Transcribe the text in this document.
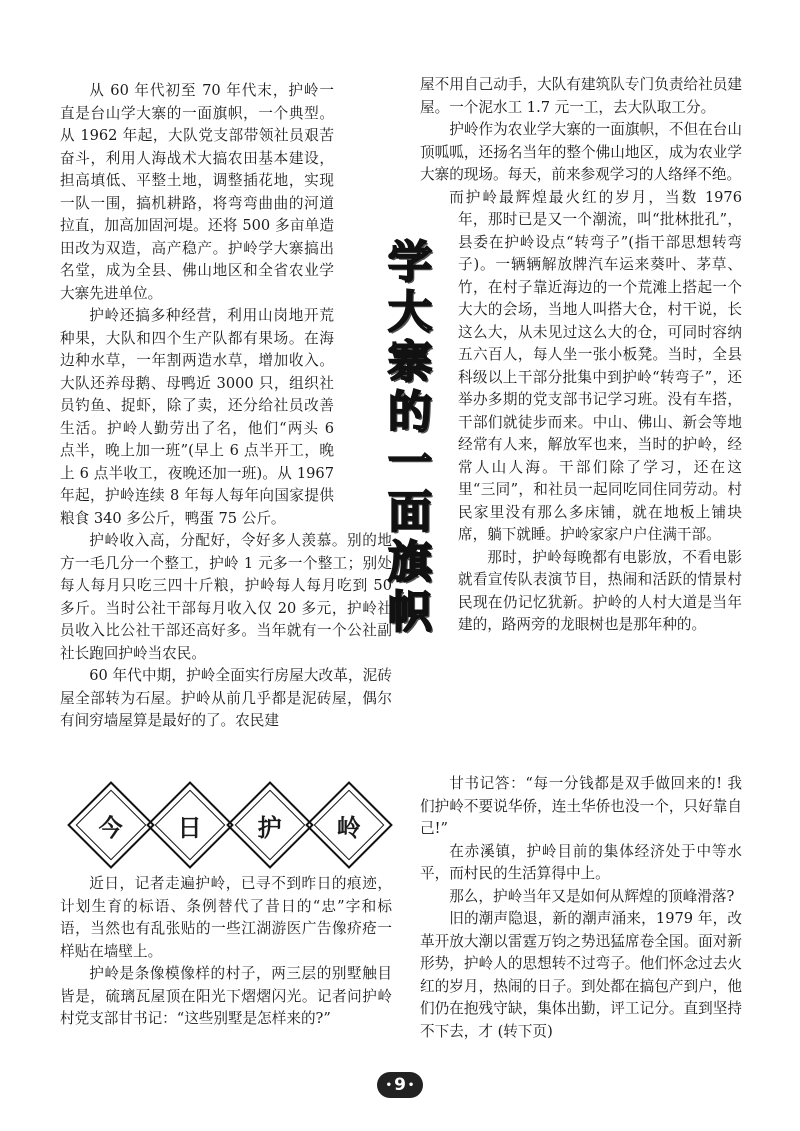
从 60 年代初至 70 年代末，护岭一直是台山学大寨的一面旗帜，一个典型。从 1962 年起，大队党支部带领社员艰苦奋斗，利用人海战术大搞农田基本建设，担高填低、平整土地，调整插花地，实现一队一围，搞机耕路，将弯弯曲曲的河道拉直，加高加固河堤。还将 500 多亩单造田改为双造，高产稳产。护岭学大寨搞出名堂，成为全县、佛山地区和全省农业学大寨先进单位。

护岭还搞多种经营，利用山岗地开荒种果，大队和四个生产队都有果场。在海边种水草，一年割两造水草，增加收入。大队还养母鹅、母鸭近 3000 只，组织社员钓鱼、捉虾，除了卖，还分给社员改善生活。护岭人勤劳出了名，他们“两头 6 点半，晚上加一班”(早上 6 点半开工，晚上 6 点半收工，夜晚还加一班)。从 1967 年起，护岭连续 8 年每人每年向国家提供粮食 340 多公斤，鸭蛋 75 公斤。

护岭收入高，分配好，令好多人羡慕。别的地方一毛几分一个整工，护岭 1 元多一个整工；别处每人每月只吃三四十斤粮，护岭每人每月吃到 50 多斤。当时公社干部每月收入仅 20 多元，护岭社员收入比公社干部还高好多。当年就有一个公社副社长跑回护岭当农民。

60 年代中期，护岭全面实行房屋大改革，泥砖屋全部转为石屋。护岭从前几乎都是泥砖屋，偶尔有间穷墙屋算是最好的了。农民建

屋不用自己动手，大队有建筑队专门负责给社员建屋。一个泥水工 1.7 元一工，去大队取工分。

护岭作为农业学大寨的一面旗帜，不但在台山顶呱呱，还扬名当年的整个佛山地区，成为农业学大寨的现场。每天，前来参观学习的人络绎不绝。

而护岭最辉煌最火红的岁月，当数 1976 年，那时已是又一个潮流，叫“批林批孔”，县委在护岭设点“转弯子”(指干部思想转弯子)。一辆辆解放牌汽车运来葵叶、茅草、竹，在村子靠近海边的一个荒滩上搭起一个大大的会场，当地人叫搭大仓，村干说，长这么大，从未见过这么大的仓，可同时容纳五六百人，每人坐一张小板凳。当时，全县科级以上干部分批集中到护岭“转弯子”，还举办多期的党支部书记学习班。没有车搭，干部们就徒步而来。中山、佛山、新会等地经常有人来，解放军也来，当时的护岭，经常人山人海。干部们除了学习，还在这里“三同”，和社员一起同吃同住同劳动。村民家里没有那么多床铺，就在地板上铺块席，躺下就睡。护岭家家户户住满干部。

那时，护岭每晚都有电影放，不看电影就看宣传队表演节目，热闹和活跃的情景村民现在仍记忆犹新。护岭的人村大道是当年建的，路两旁的龙眼树也是那年种的。

学
大
寨
的
一
面
旗
帜
今 日 护 岭

近日，记者走遍护岭，已寻不到昨日的痕迹，计划生育的标语、条例替代了昔日的“忠”字和标语，当然也有乱张贴的一些江湖游医广告像疥疮一样贴在墙壁上。

护岭是条像模像样的村子，两三层的别墅触目皆是，硫璃瓦屋顶在阳光下熠熠闪光。记者问护岭村党支部甘书记：“这些别墅是怎样来的?”

甘书记答：“每一分钱都是双手做回来的! 我们护岭不要说华侨，连土华侨也没一个，只好靠自己!”

在赤溪镇，护岭目前的集体经济处于中等水平，而村民的生活算得中上。

那么，护岭当年又是如何从辉煌的顶峰滑落?

旧的潮声隐退，新的潮声涌来，1979 年，改革开放大潮以雷霆万钧之势迅猛席卷全国。面对新形势，护岭人的思想转不过弯子。他们怀念过去火红的岁月，热闹的日子。到处都在搞包产到户，他们仍在抱残守缺，集体出勤，评工记分。直到坚持不下去，才 (转下页)

• 9
•
